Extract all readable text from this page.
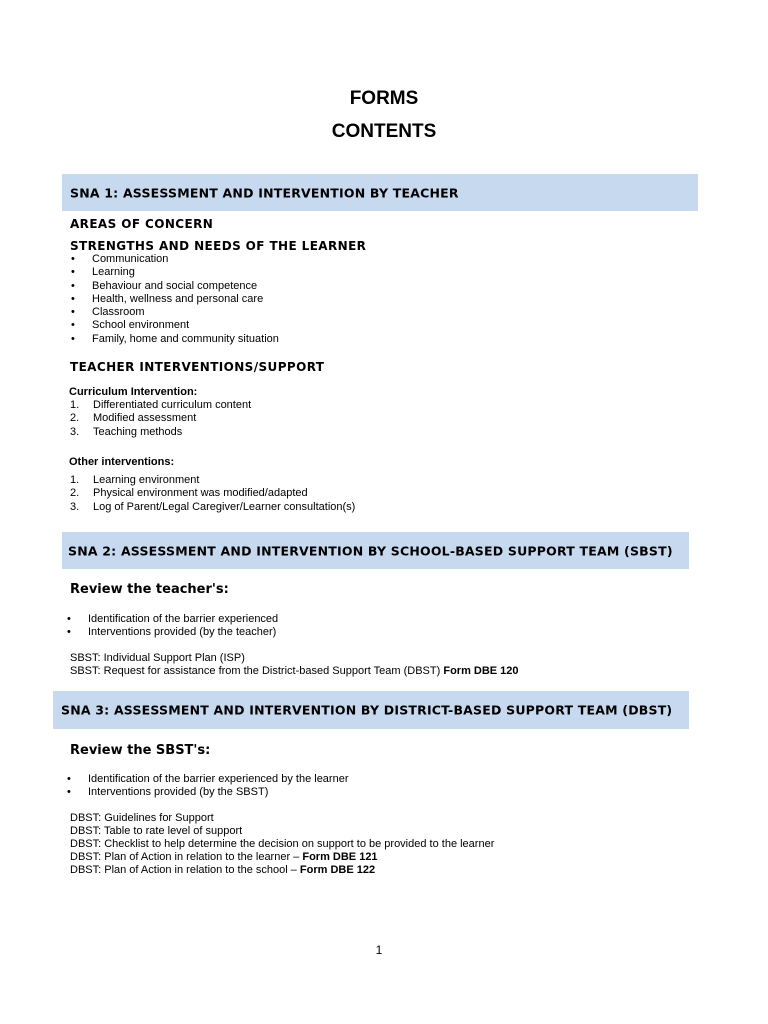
FORMS
CONTENTS
SNA 1: ASSESSMENT AND INTERVENTION BY TEACHER

AREAS OF CONCERN

STRENGTHS AND NEEDS OF THE LEARNER

• Communication
• Learning
• Behaviour and social competence
• Health, wellness and personal care
• Classroom
• School environment
• Family, home and community situation

TEACHER INTERVENTIONS/SUPPORT

Curriculum Intervention:

1. Differentiated curriculum content
2. Modified assessment
3. Teaching methods

Other interventions:

1. Learning environment
2. Physical environment was modified/adapted
3. Log of Parent/Legal Caregiver/Learner consultation(s)
SNA 2: ASSESSMENT AND INTERVENTION BY SCHOOL-BASED SUPPORT TEAM (SBST)

Review the teacher's:

• Identification of the barrier experienced
• Interventions provided (by the teacher)
SBST: Individual Support Plan (ISP)
SBST: Request for assistance from the District-based Support Team (DBST) Form DBE 120
SNA 3: ASSESSMENT AND INTERVENTION BY DISTRICT-BASED SUPPORT TEAM (DBST)

Review the SBST's:

• Identification of the barrier experienced by the learner
• Interventions provided (by the SBST)
DBST: Guidelines for Support
DBST: Table to rate level of support
DBST: Checklist to help determine the decision on support to be provided to the learner
DBST: Plan of Action in relation to the learner – Form DBE 121
DBST: Plan of Action in relation to the school – Form DBE 122

1
